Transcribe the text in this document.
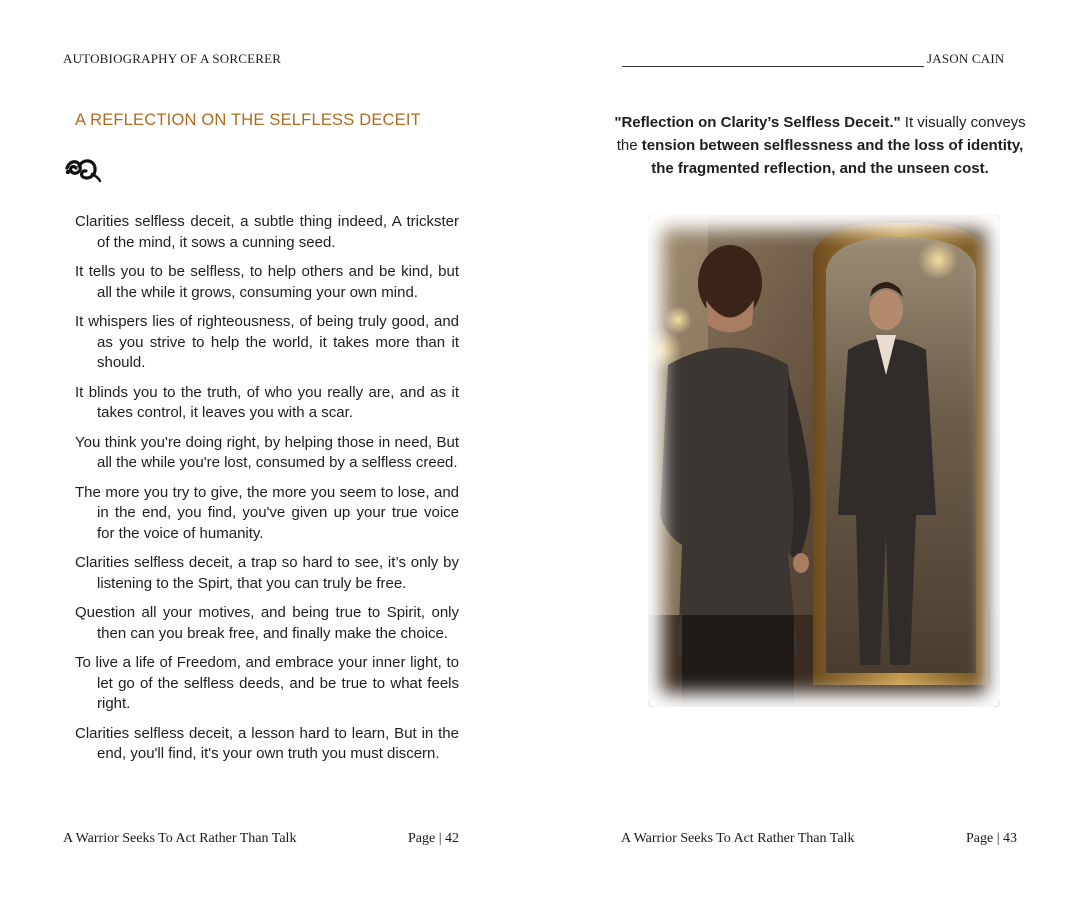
AUTOBIOGRAPHY OF A SORCERER
A REFLECTION ON THE SELFLESS DECEIT

Clarities selfless deceit, a subtle thing indeed, A trickster of the mind, it sows a cunning seed.

It tells you to be selfless, to help others and be kind, but all the while it grows, consuming your own mind.

It whispers lies of righteousness, of being truly good, and as you strive to help the world, it takes more than it should.

It blinds you to the truth, of who you really are, and as it takes control, it leaves you with a scar.

You think you're doing right, by helping those in need, But all the while you're lost, consumed by a selfless creed.

The more you try to give, the more you seem to lose, and in the end, you find, you've given up your true voice for the voice of humanity.

Clarities selfless deceit, a trap so hard to see, it’s only by listening to the Spirt, that you can truly be free.

Question all your motives, and being true to Spirit, only then can you break free, and finally make the choice.

To live a life of Freedom, and embrace your inner light, to let go of the selfless deeds, and be true to what feels right.

Clarities selfless deceit, a lesson hard to learn, But in the end, you'll find, it's your own truth you must discern.

A Warrior Seeks To Act Rather Than Talk	Page | 42
JASON CAIN
"Reflection on Clarity’s Selfless Deceit." It visually conveys the tension between selflessness and the loss of identity, the fragmented reflection, and the unseen cost.
A Warrior Seeks To Act Rather Than Talk	Page | 43
